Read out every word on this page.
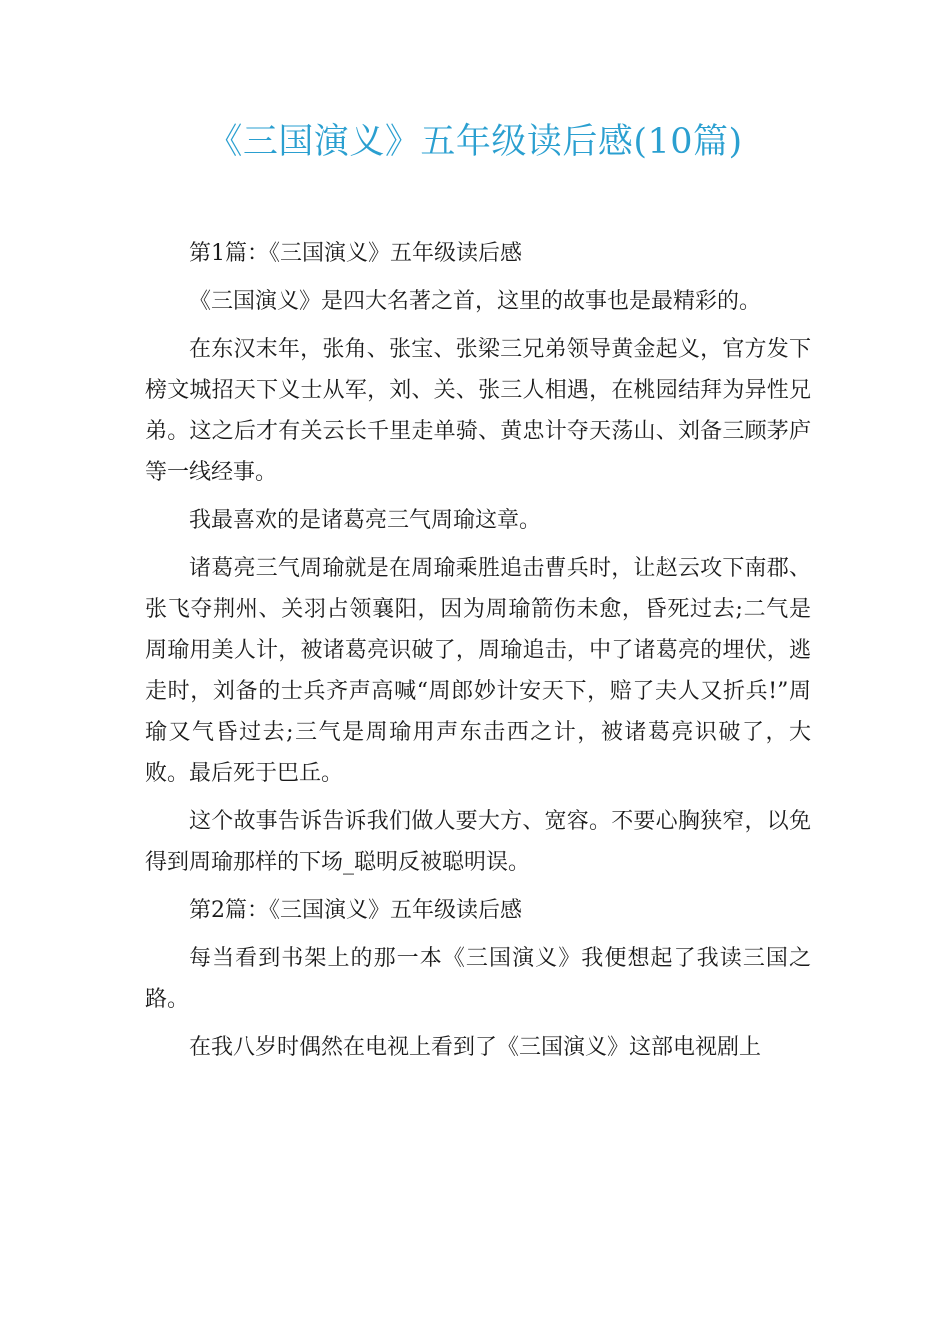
《三国演义》五年级读后感(10篇)

第1篇：《三国演义》五年级读后感

《三国演义》是四大名著之首，这里的故事也是最精彩的。

在东汉末年，张角、张宝、张梁三兄弟领导黄金起义，官方发下榜文城招天下义士从军，刘、关、张三人相遇，在桃园结拜为异性兄弟。这之后才有关云长千里走单骑、黄忠计夺天荡山、刘备三顾茅庐等一线经事。

我最喜欢的是诸葛亮三气周瑜这章。

诸葛亮三气周瑜就是在周瑜乘胜追击曹兵时，让赵云攻下南郡、张飞夺荆州、关羽占领襄阳，因为周瑜箭伤未愈，昏死过去;二气是周瑜用美人计，被诸葛亮识破了，周瑜追击，中了诸葛亮的埋伏，逃走时，刘备的士兵齐声高喊“周郎妙计安天下，赔了夫人又折兵!”周瑜又气昏过去;三气是周瑜用声东击西之计，被诸葛亮识破了，大败。最后死于巴丘。

这个故事告诉告诉我们做人要大方、宽容。不要心胸狭窄，以免得到周瑜那样的下场_聪明反被聪明误。

第2篇：《三国演义》五年级读后感

每当看到书架上的那一本《三国演义》我便想起了我读三国之路。

在我八岁时偶然在电视上看到了《三国演义》这部电视剧上
